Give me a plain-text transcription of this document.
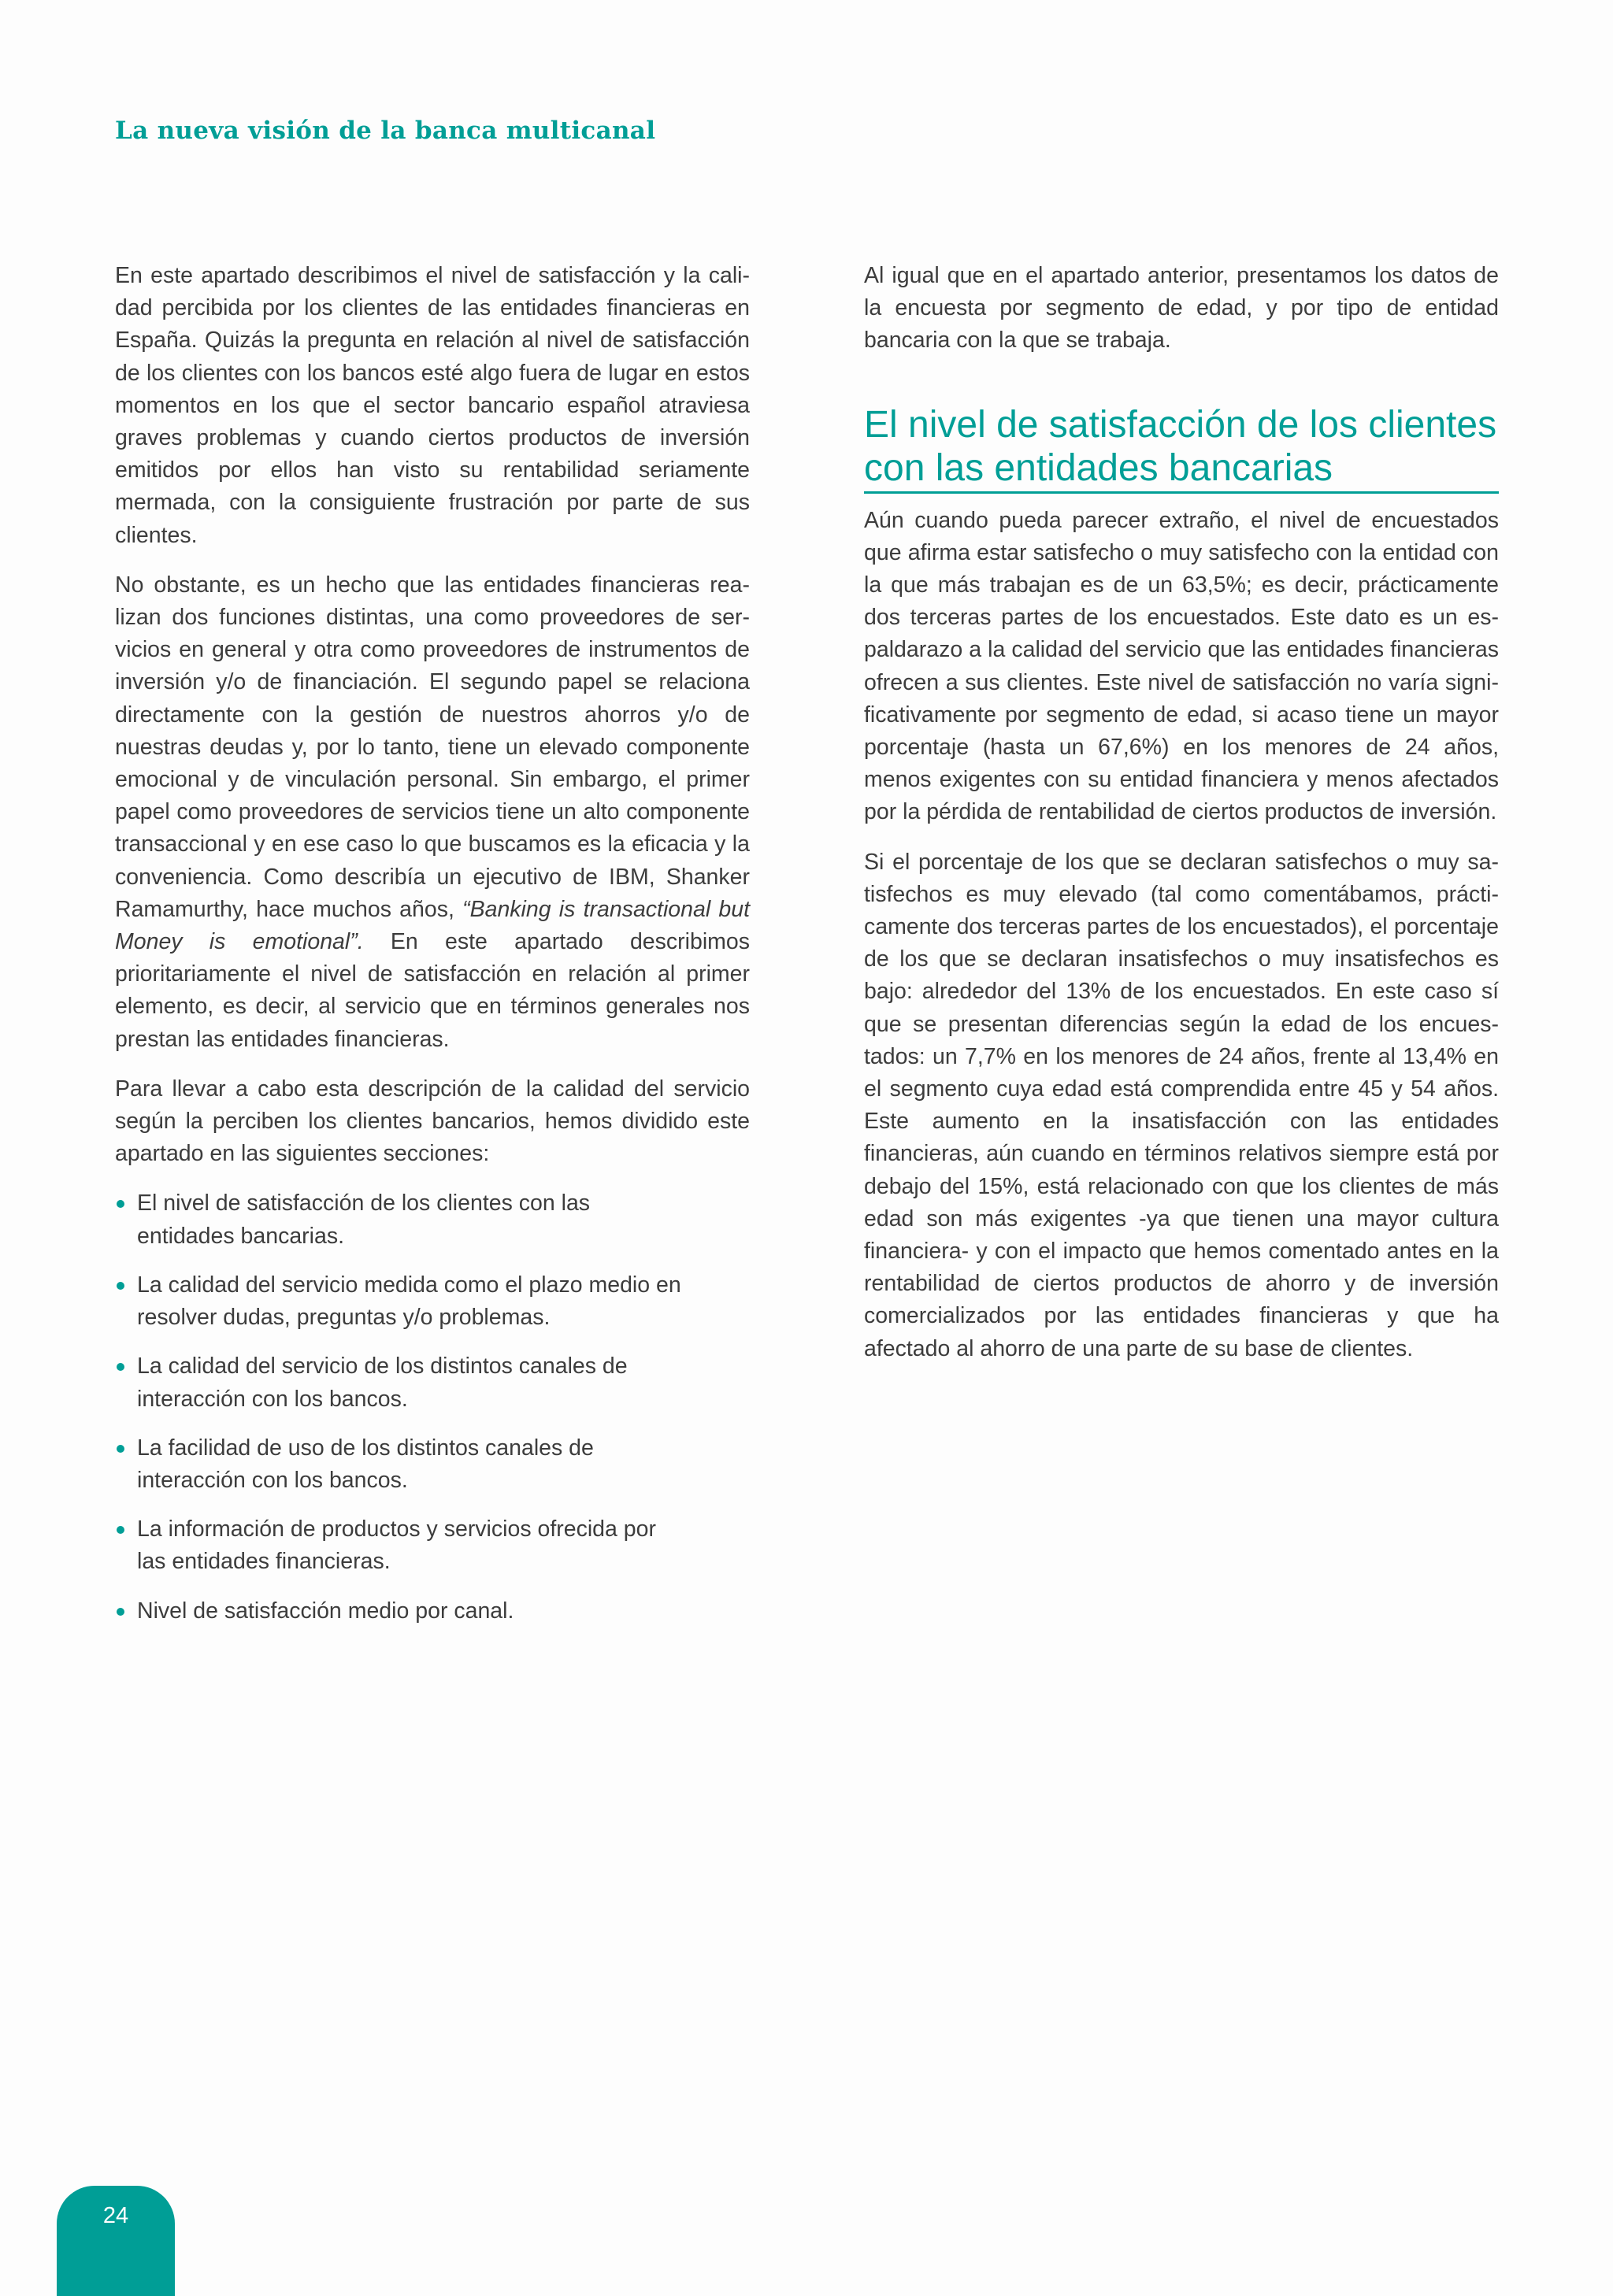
La nueva visión de la banca multicanal

En este apartado describimos el nivel de satisfacción y la calidad percibida por los clientes de las entidades financieras en España. Quizás la pregunta en relación al nivel de satisfacción de los clientes con los bancos esté algo fuera de lugar en estos momentos en los que el sector bancario español atraviesa graves problemas y cuando ciertos productos de inversión emitidos por ellos han visto su rentabilidad seriamente mermada, con la consiguiente frustración por parte de sus clientes.

No obstante, es un hecho que las entidades financieras realizan dos funciones distintas, una como proveedores de servicios en general y otra como proveedores de instrumentos de inversión y/o de financiación. El segundo papel se relaciona directamente con la gestión de nuestros ahorros y/o de nuestras deudas y, por lo tanto, tiene un elevado componente emocional y de vinculación personal. Sin embargo, el primer papel como proveedores de servicios tiene un alto componente transaccional y en ese caso lo que buscamos es la eficacia y la conveniencia. Como describía un ejecutivo de IBM, Shanker Ramamurthy, hace muchos años, “Banking is transactional but Money is emotional”. En este apartado describimos prioritariamente el nivel de satisfacción en relación al primer elemento, es decir, al servicio que en términos generales nos prestan las entidades financieras.

Para llevar a cabo esta descripción de la calidad del servicio según la perciben los clientes bancarios, hemos dividido este apartado en las siguientes secciones:

El nivel de satisfacción de los clientes con las entidades bancarias.
La calidad del servicio medida como el plazo medio en resolver dudas, preguntas y/o problemas.
La calidad del servicio de los distintos canales de interacción con los bancos.
La facilidad de uso de los distintos canales de interacción con los bancos.
La información de productos y servicios ofrecida por las entidades financieras.
Nivel de satisfacción medio por canal.

Al igual que en el apartado anterior, presentamos los datos de la encuesta por segmento de edad, y por tipo de entidad bancaria con la que se trabaja.

El nivel de satisfacción de los clientes con las entidades bancarias

Aún cuando pueda parecer extraño, el nivel de encuestados que afirma estar satisfecho o muy satisfecho con la entidad con la que más trabajan es de un 63,5%; es decir, prácticamente dos terceras partes de los encuestados. Este dato es un espaldarazo a la calidad del servicio que las entidades financieras ofrecen a sus clientes. Este nivel de satisfacción no varía significativamente por segmento de edad, si acaso tiene un mayor porcentaje (hasta un 67,6%) en los menores de 24 años, menos exigentes con su entidad financiera y menos afectados por la pérdida de rentabilidad de ciertos productos de inversión.

Si el porcentaje de los que se declaran satisfechos o muy satisfechos es muy elevado (tal como comentábamos, prácticamente dos terceras partes de los encuestados), el porcentaje de los que se declaran insatisfechos o muy insatisfechos es bajo: alrededor del 13% de los encuestados. En este caso sí que se presentan diferencias según la edad de los encuestados: un 7,7% en los menores de 24 años, frente al 13,4% en el segmento cuya edad está comprendida entre 45 y 54 años. Este aumento en la insatisfacción con las entidades financieras, aún cuando en términos relativos siempre está por debajo del 15%, está relacionado con que los clientes de más edad son más exigentes -ya que tienen una mayor cultura financiera- y con el impacto que hemos comentado antes en la rentabilidad de ciertos productos de ahorro y de inversión comercializados por las entidades financieras y que ha afectado al ahorro de una parte de su base de clientes.

24
